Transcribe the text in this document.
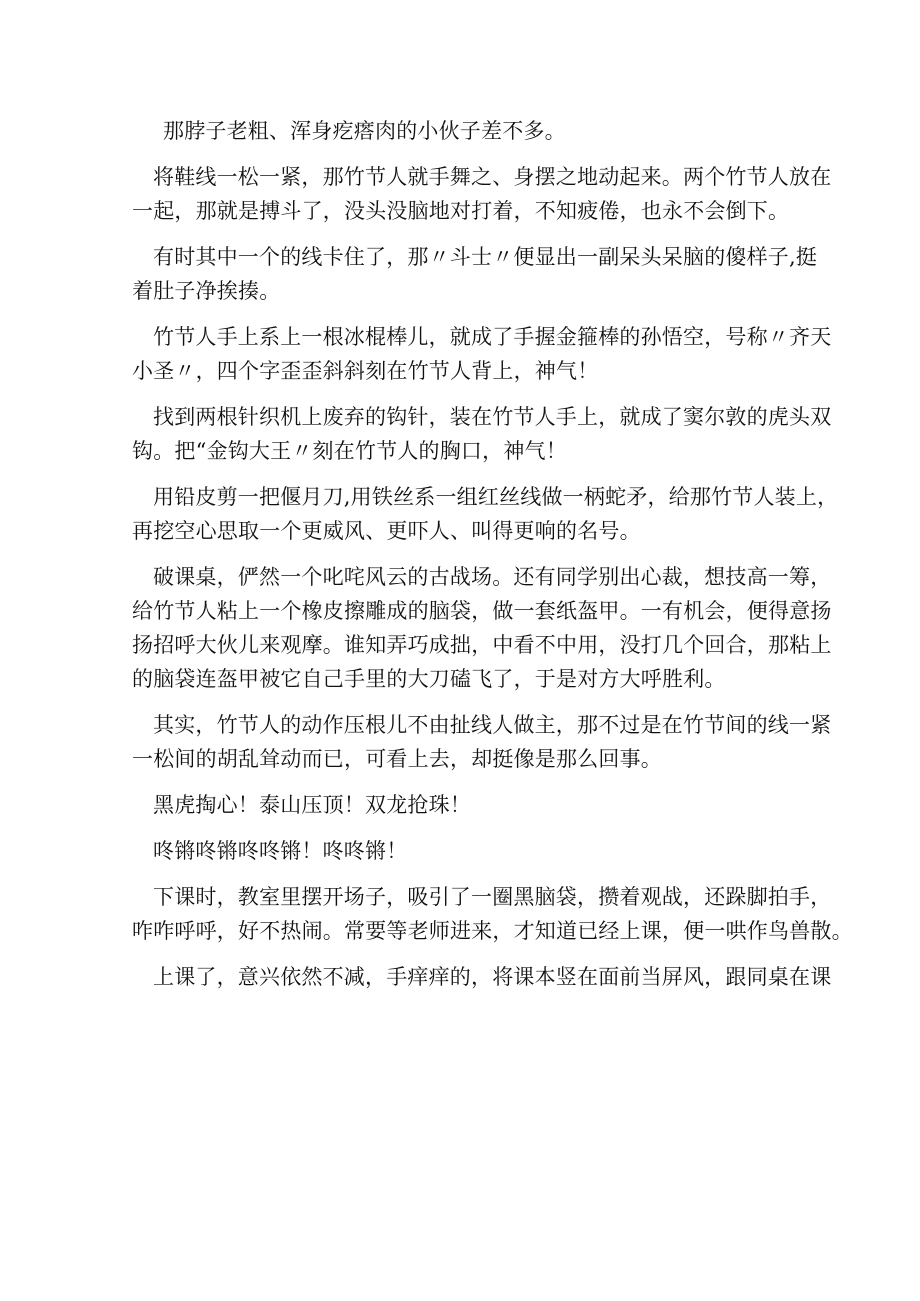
那脖子老粗、浑身疙瘩肉的小伙子差不多。

将鞋线一松一紧，那竹节人就手舞之、身摆之地动起来。两个竹节人放在
一起，那就是搏斗了，没头没脑地对打着，不知疲倦，也永不会倒下。

有时其中一个的线卡住了，那〃斗士〃便显出一副呆头呆脑的傻样子,挺
着肚子净挨揍。

竹节人手上系上一根冰棍棒儿，就成了手握金箍棒的孙悟空，号称〃齐天
小圣〃，四个字歪歪斜斜刻在竹节人背上，神气！

找到两根针织机上废弃的钩针，装在竹节人手上，就成了窦尔敦的虎头双
钩。把“金钩大王〃刻在竹节人的胸口，神气！

用铅皮剪一把偃月刀,用铁丝系一组红丝线做一柄蛇矛，给那竹节人装上，
再挖空心思取一个更威风、更吓人、叫得更响的名号。

破课桌，俨然一个叱咤风云的古战场。还有同学别出心裁，想技高一筹，
给竹节人粘上一个橡皮擦雕成的脑袋，做一套纸盔甲。一有机会，便得意扬
扬招呼大伙儿来观摩。谁知弄巧成拙，中看不中用，没打几个回合，那粘上
的脑袋连盔甲被它自己手里的大刀磕飞了，于是对方大呼胜利。

其实，竹节人的动作压根儿不由扯线人做主，那不过是在竹节间的线一紧
一松间的胡乱耸动而已，可看上去，却挺像是那么回事。

黑虎掏心！泰山压顶！双龙抢珠！

咚锵咚锵咚咚锵！咚咚锵！

下课时，教室里摆开场子，吸引了一圈黑脑袋，攒着观战，还跺脚拍手，
咋咋呼呼，好不热闹。常要等老师进来，才知道已经上课，便一哄作鸟兽散。

上课了，意兴依然不减，手痒痒的，将课本竖在面前当屏风，跟同桌在课
